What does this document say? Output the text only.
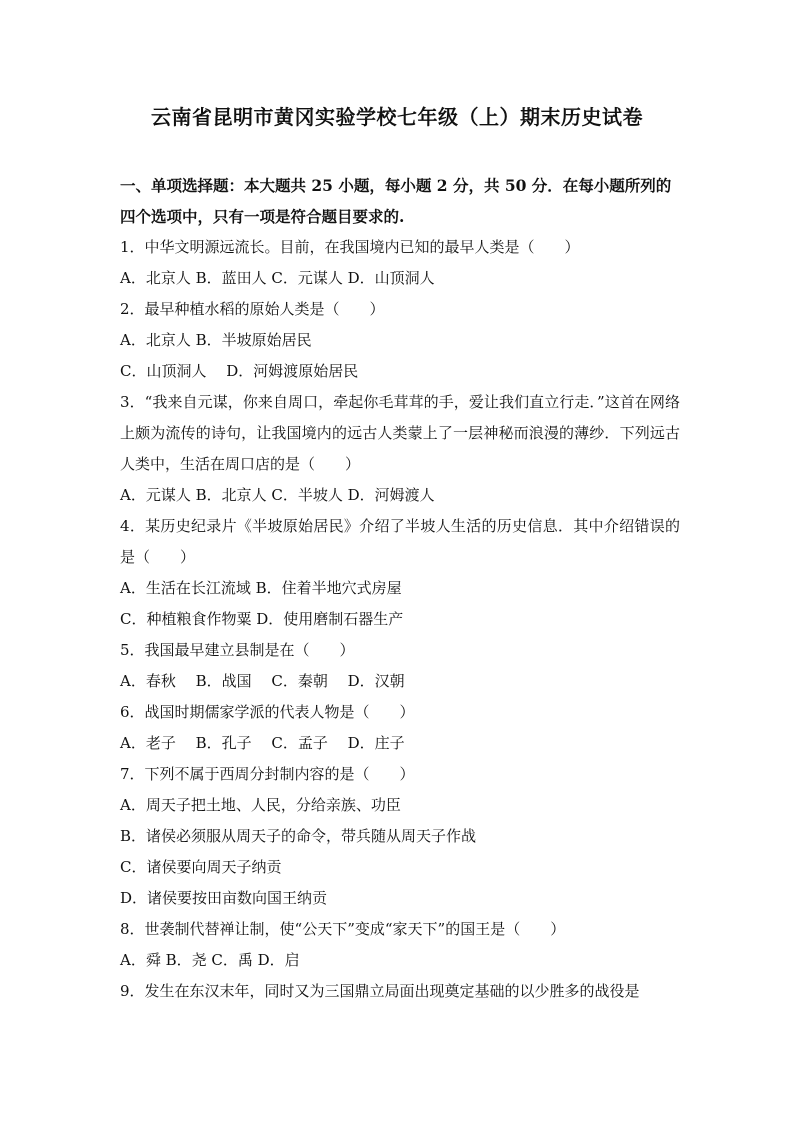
云南省昆明市黄冈实验学校七年级（上）期末历史试卷
一、单项选择题：本大题共 25 小题，每小题 2 分，共 50 分．在每小题所列的四个选项中，只有一项是符合题目要求的.
1．中华文明源远流长。目前，在我国境内已知的最早人类是（　　）
A．北京人 B．蓝田人 C．元谋人 D．山顶洞人
2．最早种植水稻的原始人类是（　　）
A．北京人 B．半坡原始居民
C．山顶洞人　 D．河姆渡原始居民
3．“我来自元谋，你来自周口，牵起你毛茸茸的手，爱让我们直立行走．”这首在网络上颇为流传的诗句，让我国境内的远古人类蒙上了一层神秘而浪漫的薄纱．下列远古人类中，生活在周口店的是（　　）
A．元谋人 B．北京人 C．半坡人 D．河姆渡人
4．某历史纪录片《半坡原始居民》介绍了半坡人生活的历史信息．其中介绍错误的是（　　）
A．生活在长江流域 B．住着半地穴式房屋
C．种植粮食作物粟 D．使用磨制石器生产
5．我国最早建立县制是在（　　）
A．春秋　 B．战国　 C．秦朝　 D．汉朝
6．战国时期儒家学派的代表人物是（　　）
A．老子　 B．孔子　 C．孟子　 D．庄子
7．下列不属于西周分封制内容的是（　　）
A．周天子把土地、人民，分给亲族、功臣
B．诸侯必须服从周天子的命令，带兵随从周天子作战
C．诸侯要向周天子纳贡
D．诸侯要按田亩数向国王纳贡
8．世袭制代替禅让制，使“公天下”变成“家天下”的国王是（　　）
A．舜 B．尧 C．禹 D．启
9．发生在东汉末年，同时又为三国鼎立局面出现奠定基础的以少胜多的战役是
